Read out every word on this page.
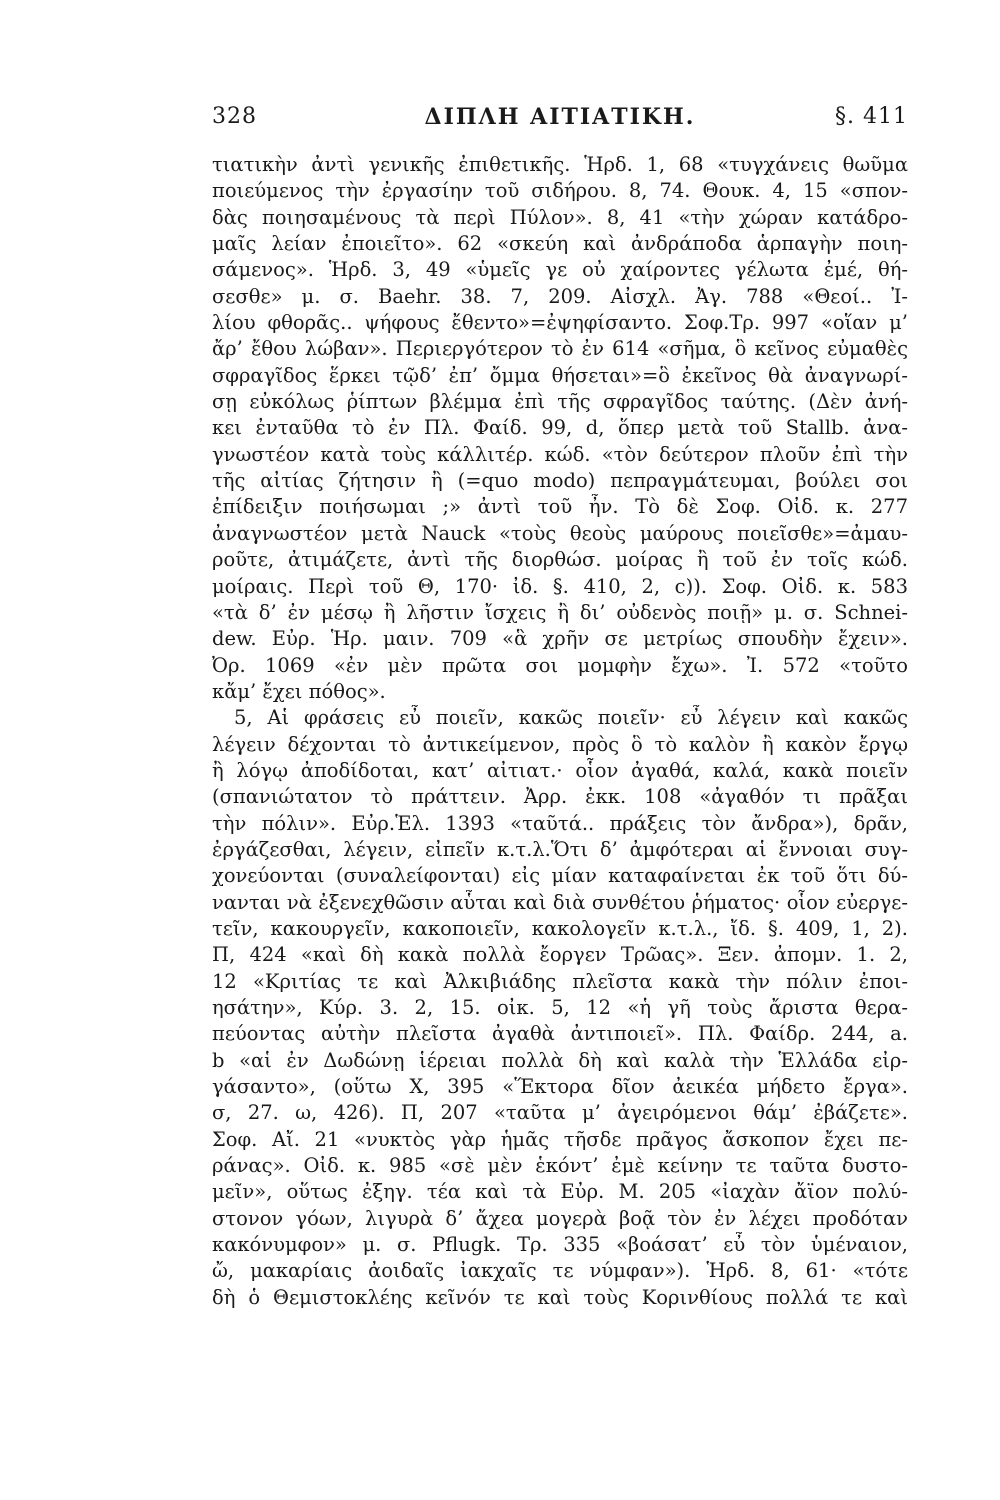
328	ΔΙΠΛΗ ΑΙΤΙΑΤΙΚΗ.	§. 411
τιατικὴν ἀντὶ γενικῆς ἐπιθετικῆς. Ἡρδ. 1, 68 «τυγχάνεις θωῦμα
ποιεύμενος τὴν ἐργασίην τοῦ σιδήρου. 8, 74. Θουκ. 4, 15 «σπον-
δὰς ποιησαμένους τὰ περὶ Πύλον». 8, 41 «τὴν χώραν κατάδρο-
μαῖς λείαν ἐποιεῖτο». 62 «σκεύη καὶ ἀνδράποδα ἁρπαγὴν ποιη-
σάμενος». Ἡρδ. 3, 49 «ὑμεῖς γε οὐ χαίροντες γέλωτα ἐμέ, θή-
σεσθε» μ. σ. Baehr. 38. 7, 209. Αἰσχλ. Ἀγ. 788 «Θεοί.. Ἰ-
λίου φθορᾶς.. ψήφους ἔθεντο»=ἐψηφίσαντο. Σοφ.Τρ. 997 «οἵαν μ’
ἄρ’ ἔθου λώβαν». Περιεργότερον τὸ ἐν 614 «σῆμα, ὃ κεῖνος εὐμαθὲς
σφραγῖδος ἕρκει τῷδ’ ἐπ’ ὄμμα θήσεται»=ὃ ἐκεῖνος θὰ ἀναγνωρί-
σῃ εὐκόλως ῥίπτων βλέμμα ἐπὶ τῆς σφραγῖδος ταύτης. (Δὲν ἀνή-
κει ἐνταῦθα τὸ ἐν Πλ. Φαίδ. 99, d, ὅπερ μετὰ τοῦ Stallb. ἀνα-
γνωστέον κατὰ τοὺς κάλλιτέρ. κώδ. «τὸν δεύτερον πλοῦν ἐπὶ τὴν
τῆς αἰτίας ζήτησιν ἢ (=quo modo) πεπραγμάτευμαι, βούλει σοι
ἐπίδειξιν ποιήσωμαι ;» ἀντὶ τοῦ ἦν. Τὸ δὲ Σοφ. Οἰδ. κ. 277
ἀναγνωστέον μετὰ Nauck «τοὺς θεοὺς μαύρους ποιεῖσθε»=ἀμαυ-
ροῦτε, ἀτιμάζετε, ἀντὶ τῆς διορθώσ. μοίρας ἢ τοῦ ἐν τοῖς κώδ.
μοίραις. Περὶ τοῦ Θ, 170· ἰδ. §. 410, 2, c)). Σοφ. Οἰδ. κ. 583
«τὰ δ’ ἐν μέσῳ ἢ λῆστιν ἴσχεις ἢ δι’ οὐδενὸς ποιῇ» μ. σ. Schnei-
dew. Εὐρ. Ἡρ. μαιν. 709 «ἃ χρῆν σε μετρίως σπουδὴν ἔχειν».
Ὀρ. 1069 «ἐν μὲν πρῶτα σοι μομφὴν ἔχω». Ἰ. 572 «τοῦτο
κἄμ’ ἔχει πόθος».
5, Αἱ φράσεις εὖ ποιεῖν, κακῶς ποιεῖν· εὖ λέγειν καὶ κακῶς
λέγειν δέχονται τὸ ἀντικείμενον, πρὸς ὃ τὸ καλὸν ἢ κακὸν ἔργῳ
ἢ λόγῳ ἀποδίδοται, κατ’ αἰτιατ.· οἷον ἀγαθά, καλά, κακὰ ποιεῖν
(σπανιώτατον τὸ πράττειν. Ἀρρ. ἐκκ. 108 «ἀγαθόν τι πρᾶξαι
τὴν πόλιν». Εὐρ.Ἑλ. 1393 «ταῦτά.. πράξεις τὸν ἄνδρα»), δρᾶν,
ἐργάζεσθαι, λέγειν, εἰπεῖν κ.τ.λ.Ὅτι δ’ ἀμφότεραι αἱ ἔννοιαι συγ-
χονεύονται (συναλείφονται) εἰς μίαν καταφαίνεται ἐκ τοῦ ὅτι δύ-
νανται νὰ ἐξενεχθῶσιν αὗται καὶ διὰ συνθέτου ῥήματος· οἷον εὐεργε-
τεῖν, κακουργεῖν, κακοποιεῖν, κακολογεῖν κ.τ.λ., ἴδ. §. 409, 1, 2).
Π, 424 «καὶ δὴ κακὰ πολλὰ ἔοργεν Τρῶας». Ξεν. ἀπομν. 1. 2,
12 «Κριτίας τε καὶ Ἀλκιβιάδης πλεῖστα κακὰ τὴν πόλιν ἐποι-
ησάτην», Κύρ. 3. 2, 15. οἰκ. 5, 12 «ἡ γῆ τοὺς ἄριστα θερα-
πεύοντας αὐτὴν πλεῖστα ἀγαθὰ ἀντιποιεῖ». Πλ. Φαίδρ. 244, a.
b «αἱ ἐν Δωδώνῃ ἱέρειαι πολλὰ δὴ καὶ καλὰ τὴν Ἑλλάδα εἰρ-
γάσαντο», (οὕτω Χ, 395 «Ἕκτορα δῖον ἀεικέα μήδετο ἔργα».
σ, 27. ω, 426). Π, 207 «ταῦτα μ’ ἀγειρόμενοι θάμ’ ἐβάζετε».
Σοφ. Αἴ. 21 «νυκτὸς γὰρ ἡμᾶς τῆσδε πρᾶγος ἄσκοπον ἔχει πε-
ράνας». Οἰδ. κ. 985 «σὲ μὲν ἑκόντ’ ἐμὲ κείνην τε ταῦτα δυστο-
μεῖν», οὕτως ἐξηγ. τέα καὶ τὰ Εὐρ. Μ. 205 «ἰαχὰν ἄϊον πολύ-
στονον γόων, λιγυρὰ δ’ ἄχεα μογερὰ βοᾷ τὸν ἐν λέχει προδόταν
κακόνυμφον» μ. σ. Pflugk. Τρ. 335 «βοάσατ’ εὖ τὸν ὑμέναιον,
ὤ, μακαρίαις ἀοιδαῖς ἰακχαῖς τε νύμφαν»). Ἡρδ. 8, 61· «τότε
δὴ ὁ Θεμιστοκλέης κεῖνόν τε καὶ τοὺς Κορινθίους πολλά τε καὶ
